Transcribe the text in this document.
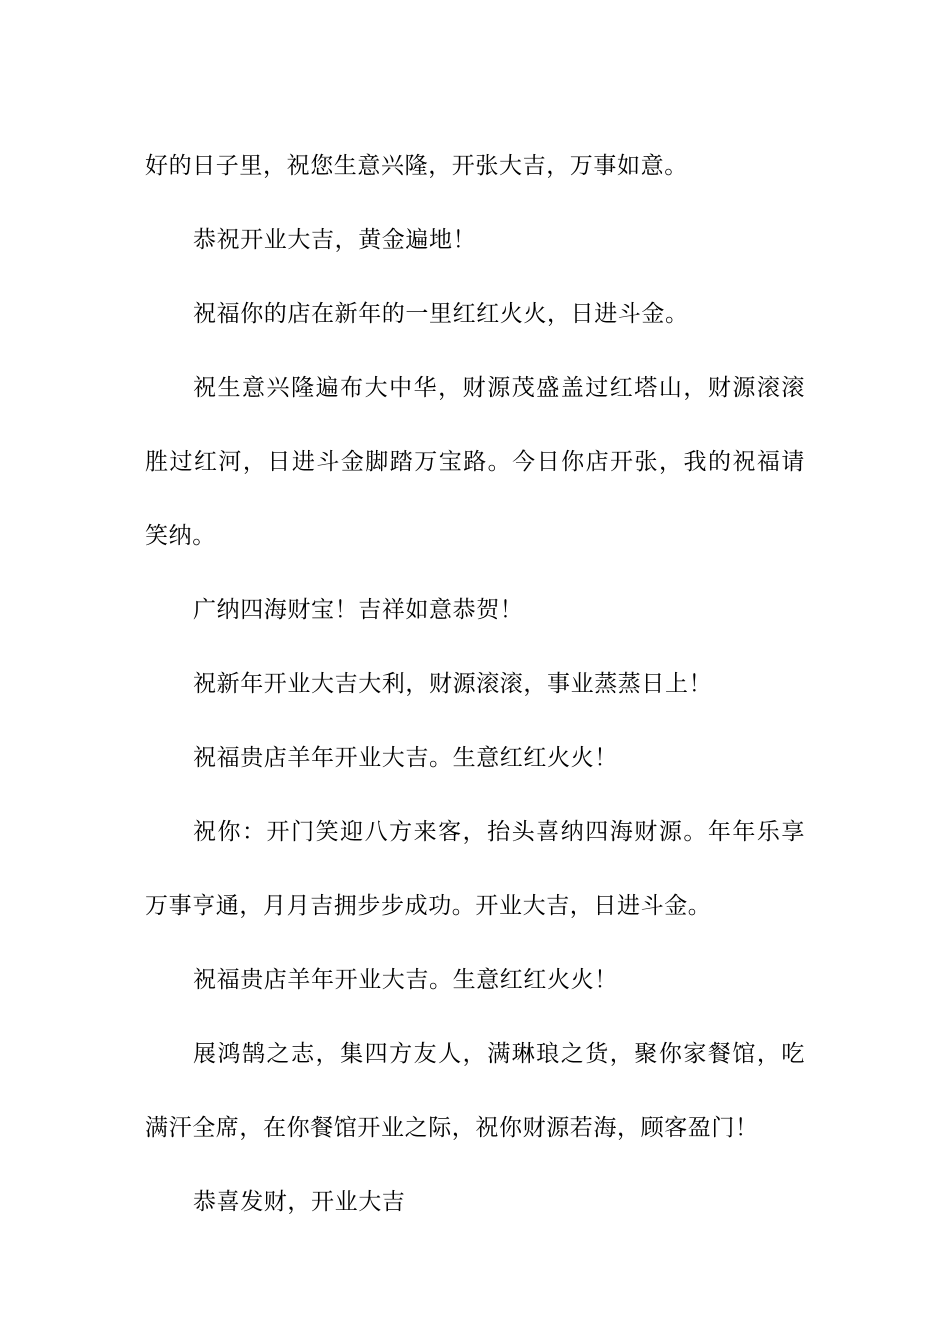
好的日子里，祝您生意兴隆，开张大吉，万事如意。

恭祝开业大吉，黄金遍地！

祝福你的店在新年的一里红红火火，日进斗金。

祝生意兴隆遍布大中华，财源茂盛盖过红塔山，财源滚滚胜过红河，日进斗金脚踏万宝路。今日你店开张，我的祝福请笑纳。

广纳四海财宝！吉祥如意恭贺！

祝新年开业大吉大利，财源滚滚，事业蒸蒸日上！

祝福贵店羊年开业大吉。生意红红火火！

祝你：开门笑迎八方来客，抬头喜纳四海财源。年年乐享万事亨通，月月吉拥步步成功。开业大吉，日进斗金。

祝福贵店羊年开业大吉。生意红红火火！

展鸿鹄之志，集四方友人，满琳琅之货，聚你家餐馆，吃满汗全席，在你餐馆开业之际，祝你财源若海，顾客盈门！

恭喜发财，开业大吉
